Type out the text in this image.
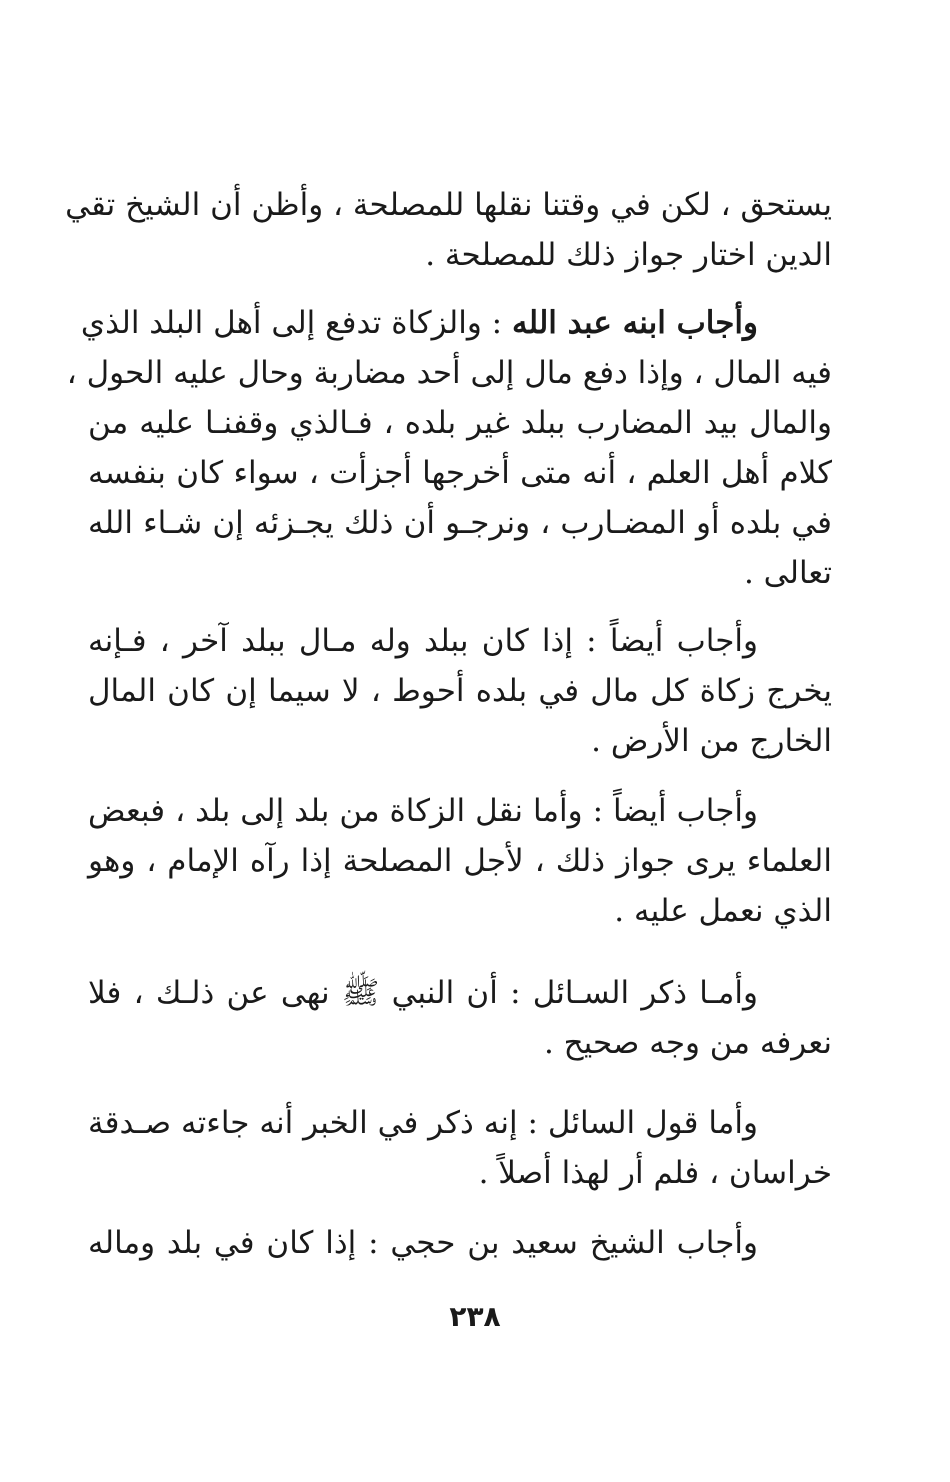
يستحق ، لكن في وقتنا نقلها للمصلحة ، وأظن أن الشيخ تقي
الدين اختار جواز ذلك للمصلحة .

وأجاب ابنه عبد الله : والزكاة تدفع إلى أهل البلد الذي
فيه المال ، وإذا دفع مال إلى أحد مضاربة وحال عليه الحول ،
والمال بيد المضارب ببلد غير بلده ، فـالذي وقفنـا عليه من
كلام أهل العلم ، أنه متى أخرجها أجزأت ، سواء كان بنفسه
في بلده أو المضـارب ، ونرجـو أن ذلك يجـزئه إن شـاء الله
تعالى .

وأجاب أيضاً : إذا كان ببلد وله مـال ببلد آخر ، فـإنه
يخرج زكاة كل مال في بلده أحوط ، لا سيما إن كان المال
الخارج من الأرض .

وأجاب أيضاً : وأما نقل الزكاة من بلد إلى بلد ، فبعض
العلماء يرى جواز ذلك ، لأجل المصلحة إذا رآه الإمام ، وهو
الذي نعمل عليه .

وأمـا ذكر السـائل : أن النبي ﷺ نهى عن ذلـك ، فلا
نعرفه من وجه صحيح .

وأما قول السائل : إنه ذكر في الخبر أنه جاءته صـدقة
خراسان ، فلم أر لهذا أصلاً .

وأجاب الشيخ سعيد بن حجي : إذا كان في بلد وماله

٢٣٨
